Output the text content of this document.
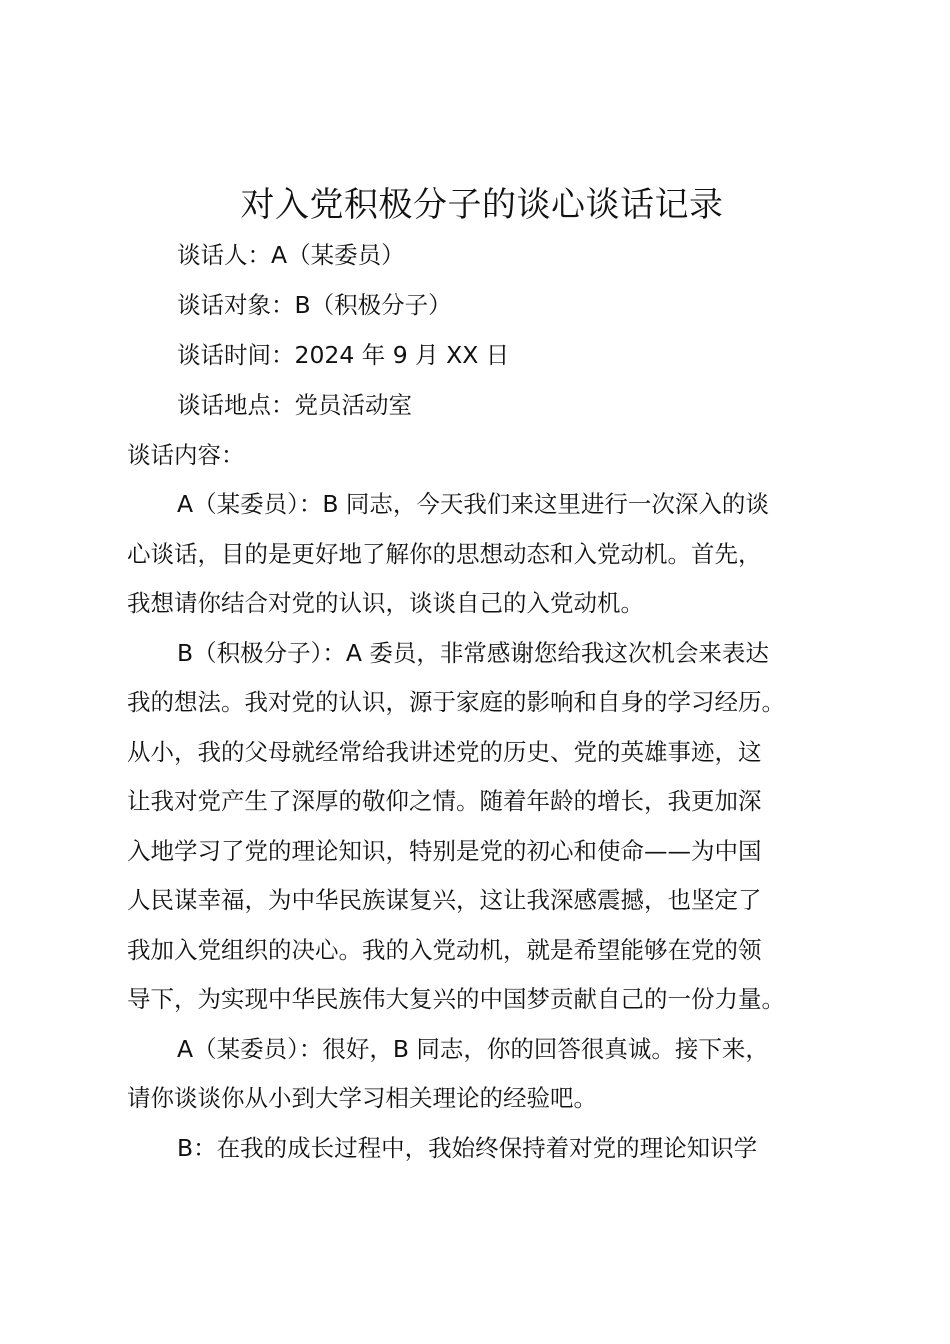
对入党积极分子的谈心谈话记录

谈话人：A（某委员）

谈话对象：B（积极分子）

谈话时间：2024 年 9 月 XX 日

谈话地点：党员活动室

谈话内容：

A（某委员）：B 同志，今天我们来这里进行一次深入的谈
心谈话，目的是更好地了解你的思想动态和入党动机。首先，
我想请你结合对党的认识，谈谈自己的入党动机。
B（积极分子）：A 委员，非常感谢您给我这次机会来表达
我的想法。我对党的认识，源于家庭的影响和自身的学习经历。
从小，我的父母就经常给我讲述党的历史、党的英雄事迹，这
让我对党产生了深厚的敬仰之情。随着年龄的增长，我更加深
入地学习了党的理论知识，特别是党的初心和使命——为中国
人民谋幸福，为中华民族谋复兴，这让我深感震撼，也坚定了
我加入党组织的决心。我的入党动机，就是希望能够在党的领
导下，为实现中华民族伟大复兴的中国梦贡献自己的一份力量。
A（某委员）：很好，B 同志，你的回答很真诚。接下来，
请你谈谈你从小到大学习相关理论的经验吧。
B：在我的成长过程中，我始终保持着对党的理论知识学
